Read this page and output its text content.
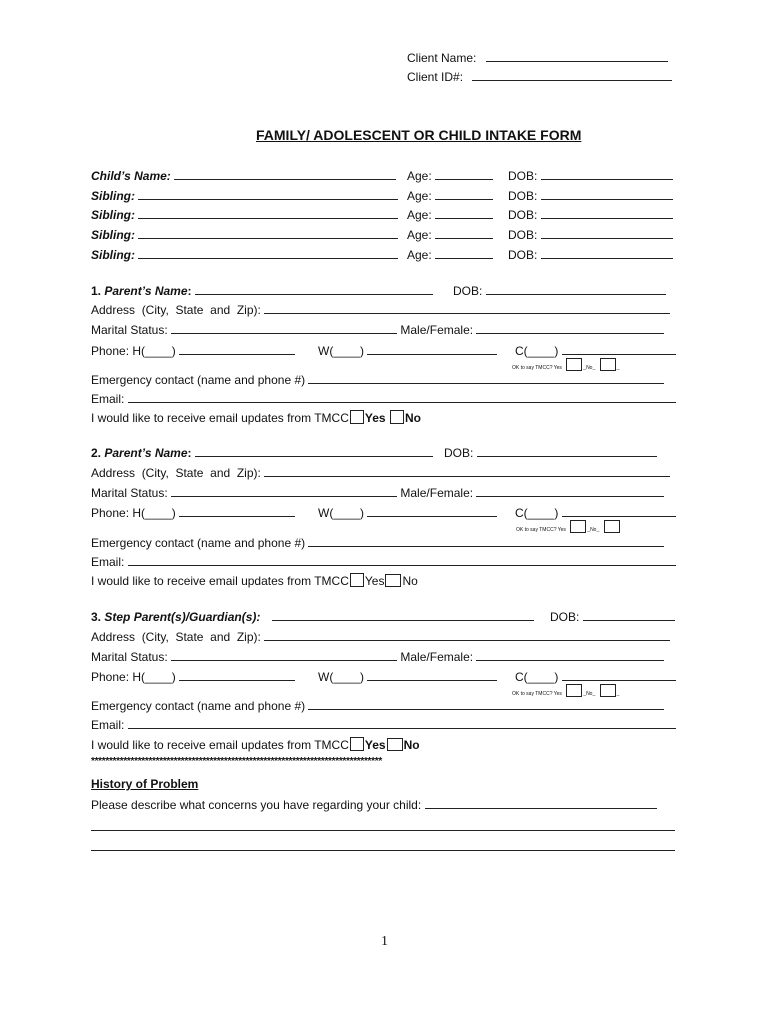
Client Name:
Client ID#:
FAMILY/ ADOLESCENT OR CHILD INTAKE FORM
Child’s Name:	Age:	DOB:
Sibling:	Age:	DOB:
Sibling:	Age:	DOB:
Sibling:	Age:	DOB:
Sibling:	Age:	DOB:
1. Parent’s Name:	DOB:
Address  (City,  State  and  Zip):
Marital Status:	Male/Female:
Phone: H(____)	W(____)	C(____)
OK to say TMCC? Yes	_No_	_
Emergency contact (name and phone #)
Email:
I would like to receive email updates from TMCC Yes No
2. Parent’s Name:	DOB:
Address  (City,  State  and  Zip):
Marital Status:	Male/Female:
Phone: H(____)	W(____)	C(____)
OK to say TMCC? Yes	_No_
Emergency contact (name and phone #)
Email:
I would like to receive email updates from TMCC Yes No
3. Step Parent(s)/Guardian(s):	DOB:
Address  (City,  State  and  Zip):
Marital Status:	Male/Female:
Phone: H(____)	W(____)	C(____)
OK to say TMCC? Yes	_No_	_
Emergency contact (name and phone #)
Email:
I would like to receive email updates from TMCC Yes No
*********************************************************************************
History of Problem
Please describe what concerns you have regarding your child:
1
